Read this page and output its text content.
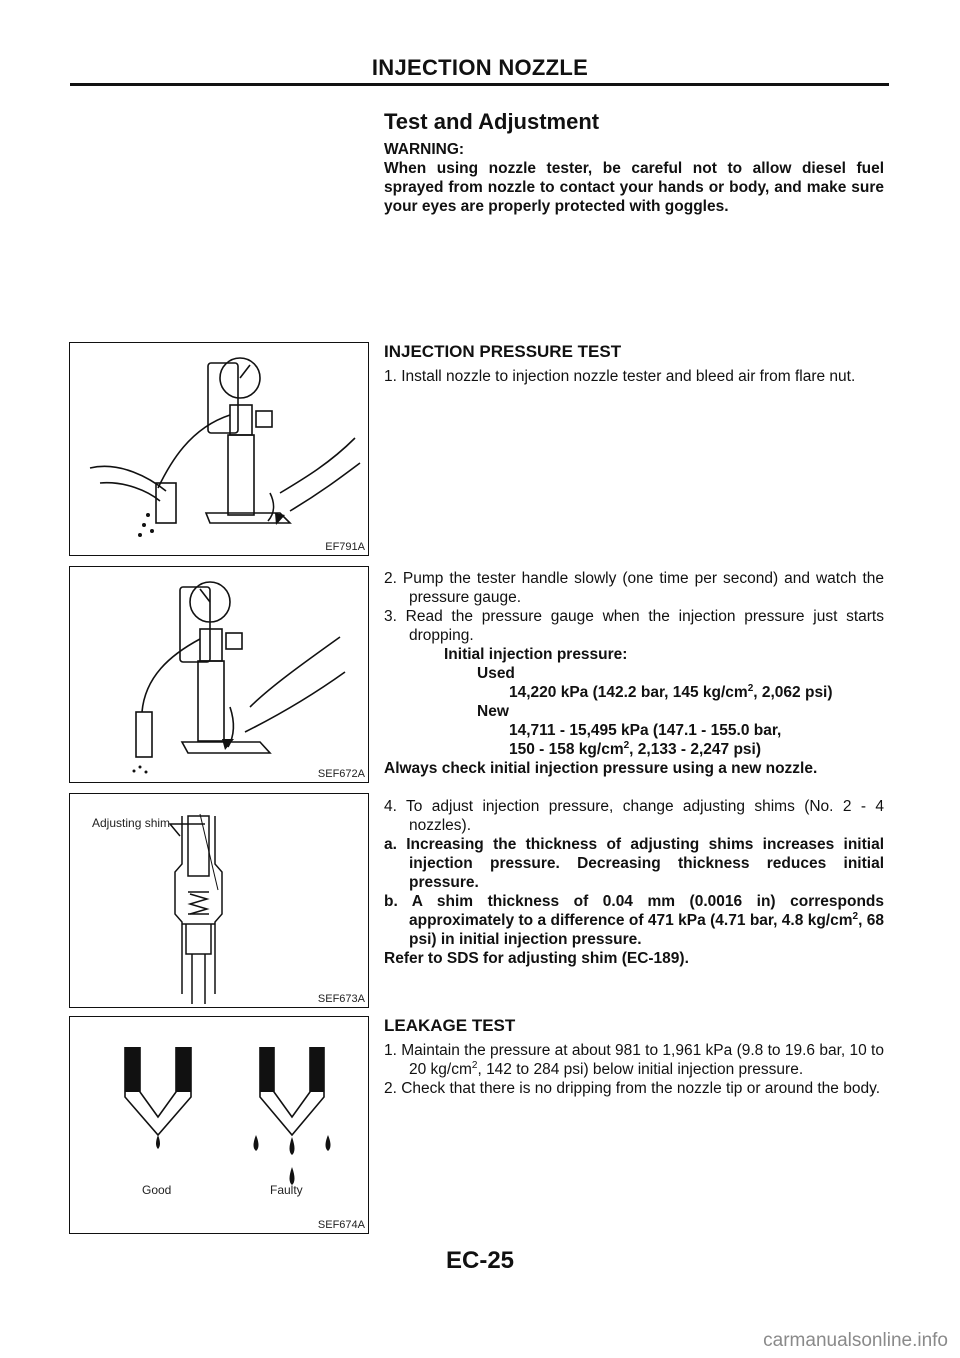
INJECTION NOZZLE
Test and Adjustment

WARNING:

When using nozzle tester, be careful not to allow diesel fuel sprayed from nozzle to contact your hands or body, and make sure your eyes are properly protected with goggles.

EF791A
INJECTION PRESSURE TEST

1. Install nozzle to injection nozzle tester and bleed air from flare nut.

SEF672A

2. Pump the tester handle slowly (one time per second) and watch the pressure gauge.

3. Read the pressure gauge when the injection pressure just starts dropping.

Initial injection pressure:

Used

14,220 kPa (142.2 bar, 145 $kg/cm^2$, 2,062 psi)

New

14,711 - 15,495 kPa (147.1 - 155.0 bar,

150 - 158 $kg/cm^2$, 2,133 - 2,247 psi)

Always check initial injection pressure using a new nozzle.

Adjusting shim
SEF673A

4. To adjust injection pressure, change adjusting shims (No. 2 - 4 nozzles).

a. Increasing the thickness of adjusting shims increases initial injection pressure. Decreasing thickness reduces initial pressure.

b. A shim thickness of 0.04 mm (0.0016 in) corresponds approximately to a difference of 471 kPa (4.71 bar, 4.8 $kg/cm^2$, 68 psi) in initial injection pressure.

Refer to SDS for adjusting shim (EC-189).

Good	Faulty
SEF674A
LEAKAGE TEST

1. Maintain the pressure at about 981 to 1,961 kPa (9.8 to 19.6 bar, 10 to 20 $kg/cm^2$, 142 to 284 psi) below initial injection pressure.

2. Check that there is no dripping from the nozzle tip or around the body.

EC-25
carmanualsonline.info
